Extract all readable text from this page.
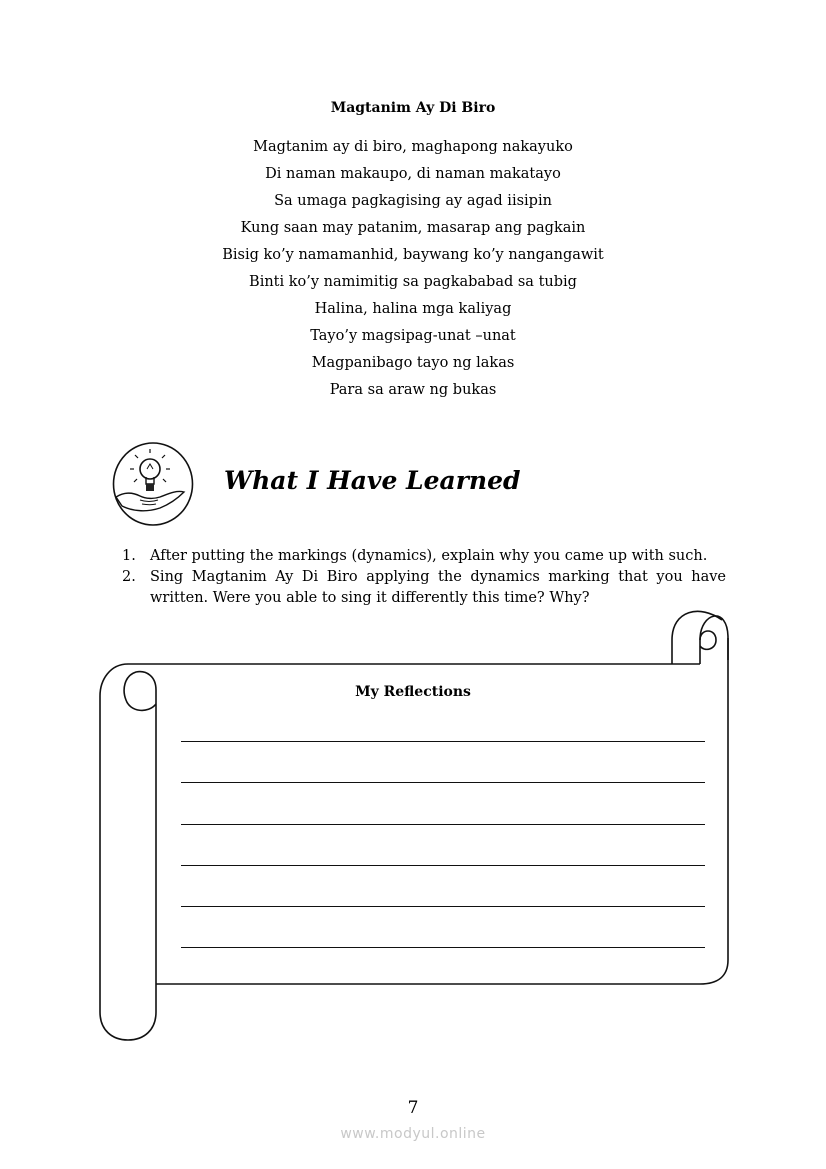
Magtanim Ay Di Biro
Magtanim ay di biro, maghapong nakayuko
Di naman makaupo, di naman makatayo
Sa umaga pagkagising ay agad iisipin
Kung saan may patanim, masarap ang pagkain
Bisig ko’y namamanhid, baywang ko’y nangangawit
Binti ko’y namimitig sa pagkababad sa tubig
Halina, halina mga kaliyag
Tayo’y magsipag-unat –unat
Magpanibago tayo ng lakas
Para sa araw ng bukas
What I Have Learned
1. After putting the markings (dynamics), explain why you came up with such.
2. Sing Magtanim Ay Di Biro applying the dynamics marking that you have written. Were you able to sing it differently this time? Why?
My Reflections
7
www.modyul.online
